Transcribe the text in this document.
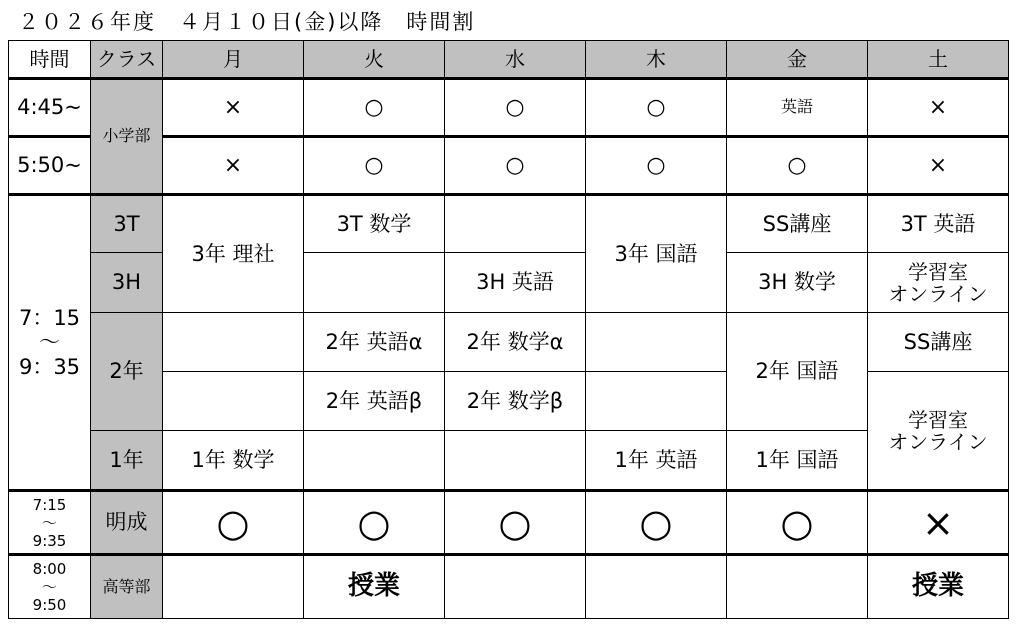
２０２６年度　４月１０日(金)以降　時間割
時間	クラス	月	火	水	木	金	土
4:45~	小学部	×	○	○	○	英語	×
5:50~		×	○	○	○	○	×
7：15
～
9：35	3T	3年 理社	3T 数学		3年 国語	SS講座	3T 英語
	3H			3H 英語		3H 数学	学習室
オンライン
	2年		2年 英語α	2年 数学α		2年 国語	SS講座
			2年 英語β	2年 数学β			学習室
オンライン
	1年	1年 数学			1年 英語	1年 国語	
7:15
～
9:35	明成	○	○	○	○	○	×
8:00
～
9:50	高等部		授業				授業
